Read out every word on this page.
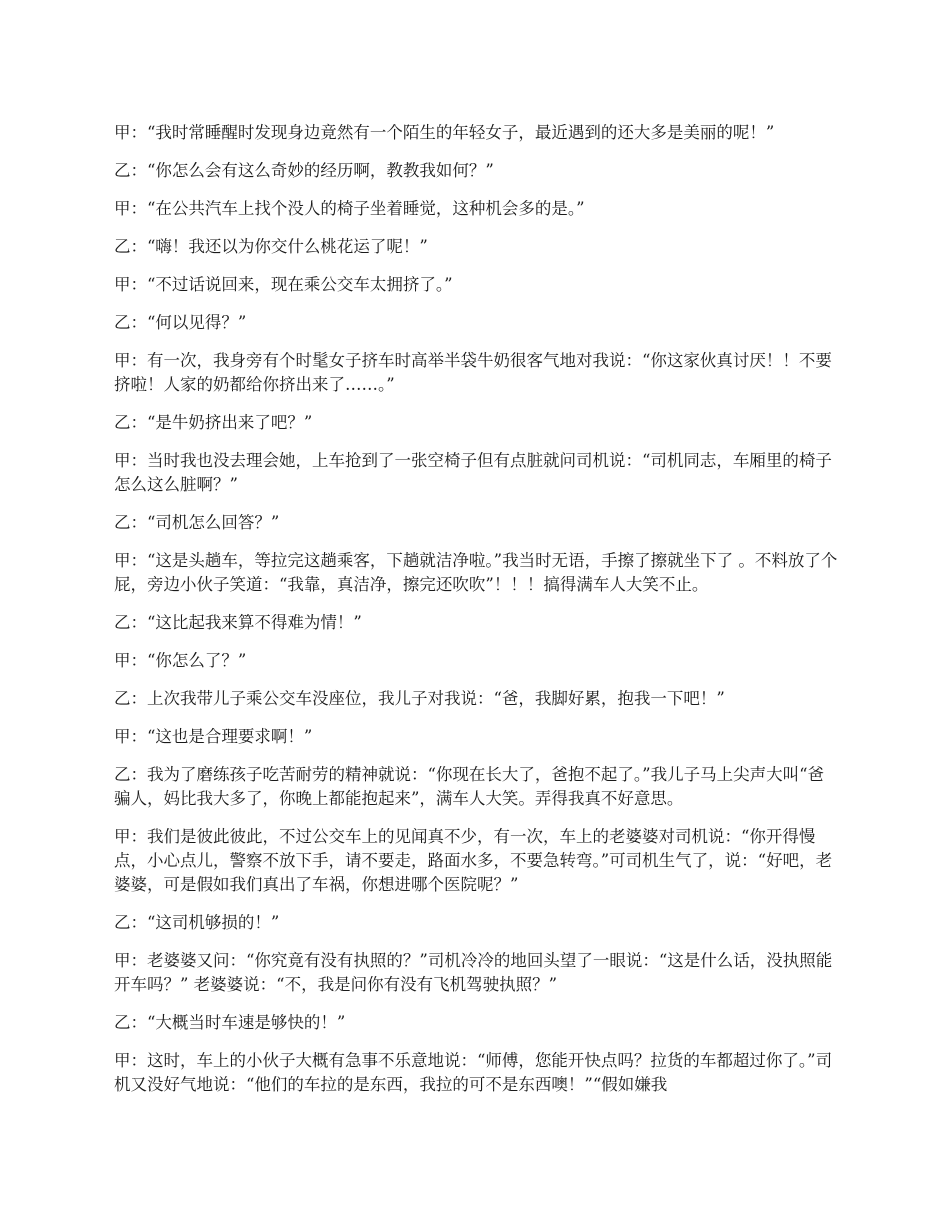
甲：“我时常睡醒时发现身边竟然有一个陌生的年轻女子，最近遇到的还大多是美丽的呢！”

乙：“你怎么会有这么奇妙的经历啊，教教我如何？”

甲：“在公共汽车上找个没人的椅子坐着睡觉，这种机会多的是。”

乙：“嗨！我还以为你交什么桃花运了呢！”

甲：“不过话说回来，现在乘公交车太拥挤了。”

乙：“何以见得？”

甲：有一次，我身旁有个时髦女子挤车时高举半袋牛奶很客气地对我说：“你这家伙真讨厌！！不要挤啦！人家的奶都给你挤出来了……。”

乙：“是牛奶挤出来了吧？”

甲：当时我也没去理会她，上车抢到了一张空椅子但有点脏就问司机说：“司机同志，车厢里的椅子怎么这么脏啊？”

乙：“司机怎么回答？”

甲：“这是头趟车，等拉完这趟乘客，下趟就洁净啦。”我当时无语，手擦了擦就坐下了 。不料放了个屁，旁边小伙子笑道：“我靠，真洁净，擦完还吹吹”！！！搞得满车人大笑不止。

乙：“这比起我来算不得难为情！”

甲：“你怎么了？”

乙：上次我带儿子乘公交车没座位，我儿子对我说：“爸，我脚好累，抱我一下吧！”

甲：“这也是合理要求啊！”

乙：我为了磨练孩子吃苦耐劳的精神就说：“你现在长大了，爸抱不起了。”我儿子马上尖声大叫“爸骗人，妈比我大多了，你晚上都能抱起来”，满车人大笑。弄得我真不好意思。

甲：我们是彼此彼此，不过公交车上的见闻真不少，有一次，车上的老婆婆对司机说：“你开得慢点，小心点儿，警察不放下手，请不要走，路面水多，不要急转弯。”可司机生气了，说：“好吧，老婆婆，可是假如我们真出了车祸，你想进哪个医院呢？”

乙：“这司机够损的！”

甲：老婆婆又问：“你究竟有没有执照的？”司机冷冷的地回头望了一眼说：“这是什么话，没执照能开车吗？” 老婆婆说：“不，我是问你有没有飞机驾驶执照？”

乙：“大概当时车速是够快的！”

甲：这时，车上的小伙子大概有急事不乐意地说：“师傅，您能开快点吗？拉货的车都超过你了。”司机又没好气地说：“他们的车拉的是东西，我拉的可不是东西噢！”“假如嫌我
